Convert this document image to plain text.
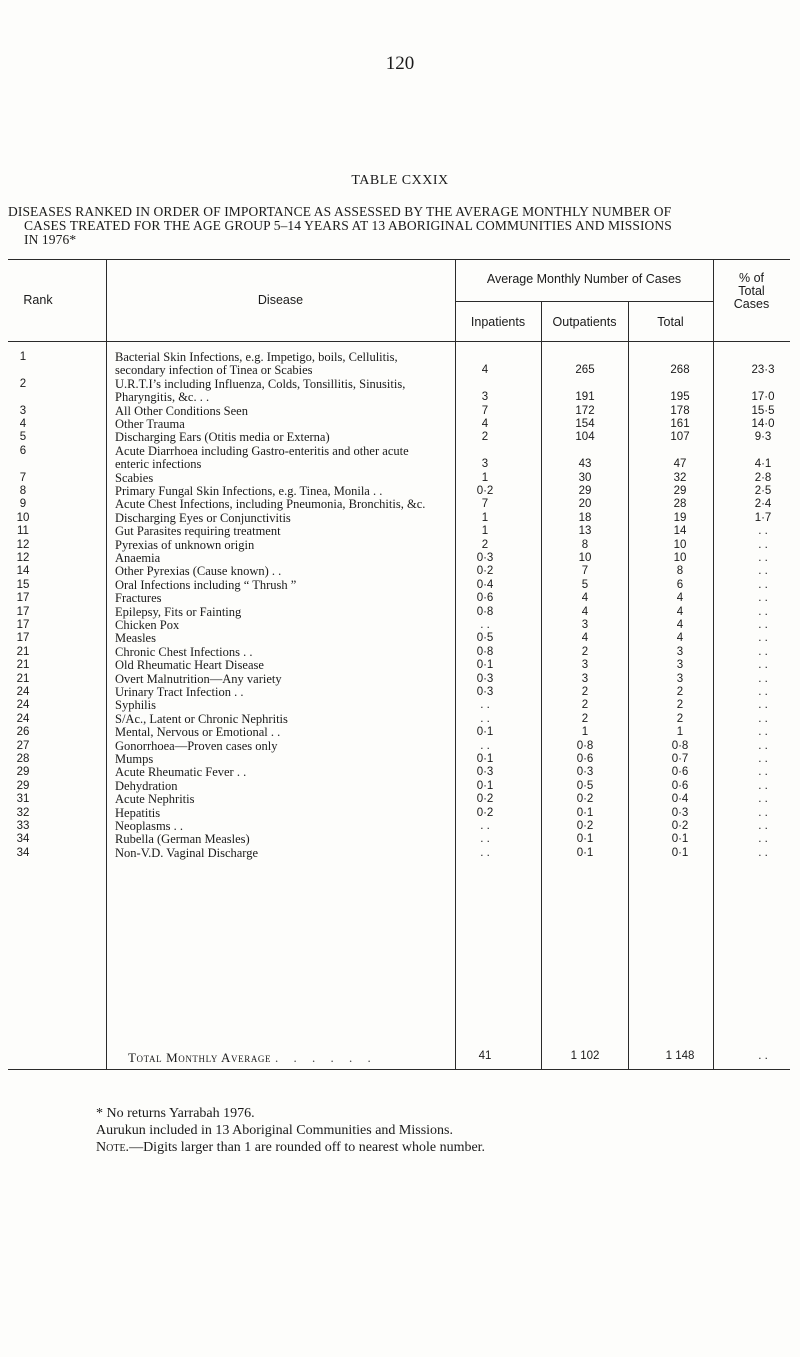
120
TABLE CXXIX
DISEASES RANKED IN ORDER OF IMPORTANCE AS ASSESSED BY THE AVERAGE MONTHLY NUMBER OF
CASES TREATED FOR THE AGE GROUP 5–14 YEARS AT 13 ABORIGINAL COMMUNITIES AND MISSIONS
IN 1976*
Rank	Disease
Average Monthly Number of Cases
Inpatients	Outpatients	Total
% of
Total
Cases
1	Bacterial Skin Infections, e.g. Impetigo, boils, Cellulitis,
secondary infection of Tinea or Scabies	4	265	268	23·3
2	U.R.T.I’s including Influenza, Colds, Tonsillitis, Sinusitis,
Pharyngitis, &c. . .	3	191	195	17·0
3	All Other Conditions Seen	7	172	178	15·5
4	Other Trauma	4	154	161	14·0
5	Discharging Ears (Otitis media or Externa)	2	104	107	9·3
6	Acute Diarrhoea including Gastro-enteritis and other acute
enteric infections	3	43	47	4·1
7	Scabies	1	30	32	2·8
8	Primary Fungal Skin Infections, e.g. Tinea, Monila . .	0·2	29	29	2·5
9	Acute Chest Infections, including Pneumonia, Bronchitis, &c.	7	20	28	2·4
10	Discharging Eyes or Conjunctivitis	1	18	19	1·7
11	Gut Parasites requiring treatment	1	13	14	. .
12	Pyrexias of unknown origin	2	8	10	. .
12	Anaemia	0·3	10	10	. .
14	Other Pyrexias (Cause known) . .	0·2	7	8	. .
15	Oral Infections including “ Thrush ”	0·4	5	6	. .
17	Fractures	0·6	4	4	. .
17	Epilepsy, Fits or Fainting	0·8	4	4	. .
17	Chicken Pox	. .	3	4	. .
17	Measles	0·5	4	4	. .
21	Chronic Chest Infections . .	0·8	2	3	. .
21	Old Rheumatic Heart Disease	0·1	3	3	. .
21	Overt Malnutrition—Any variety	0·3	3	3	. .
24	Urinary Tract Infection . .	0·3	2	2	. .
24	Syphilis	. .	2	2	. .
24	S/Ac., Latent or Chronic Nephritis	. .	2	2	. .
26	Mental, Nervous or Emotional . .	0·1	1	1	. .
27	Gonorrhoea—Proven cases only	. .	0·8	0·8	. .
28	Mumps	0·1	0·6	0·7	. .
29	Acute Rheumatic Fever . .	0·3	0·3	0·6	. .
29	Dehydration	0·1	0·5	0·6	. .
31	Acute Nephritis	0·2	0·2	0·4	. .
32	Hepatitis	0·2	0·1	0·3	. .
33	Neoplasms . .	. .	0·2	0·2	. .
34	Rubella (German Measles)	. .	0·1	0·1	. .
34	Non-V.D. Vaginal Discharge	. .	0·1	0·1	. .
Total Monthly Average . . . . . .	41	1 102	1 148	. .
* No returns Yarrabah 1976.
Aurukun included in 13 Aboriginal Communities and Missions.
Note.—Digits larger than 1 are rounded off to nearest whole number.
